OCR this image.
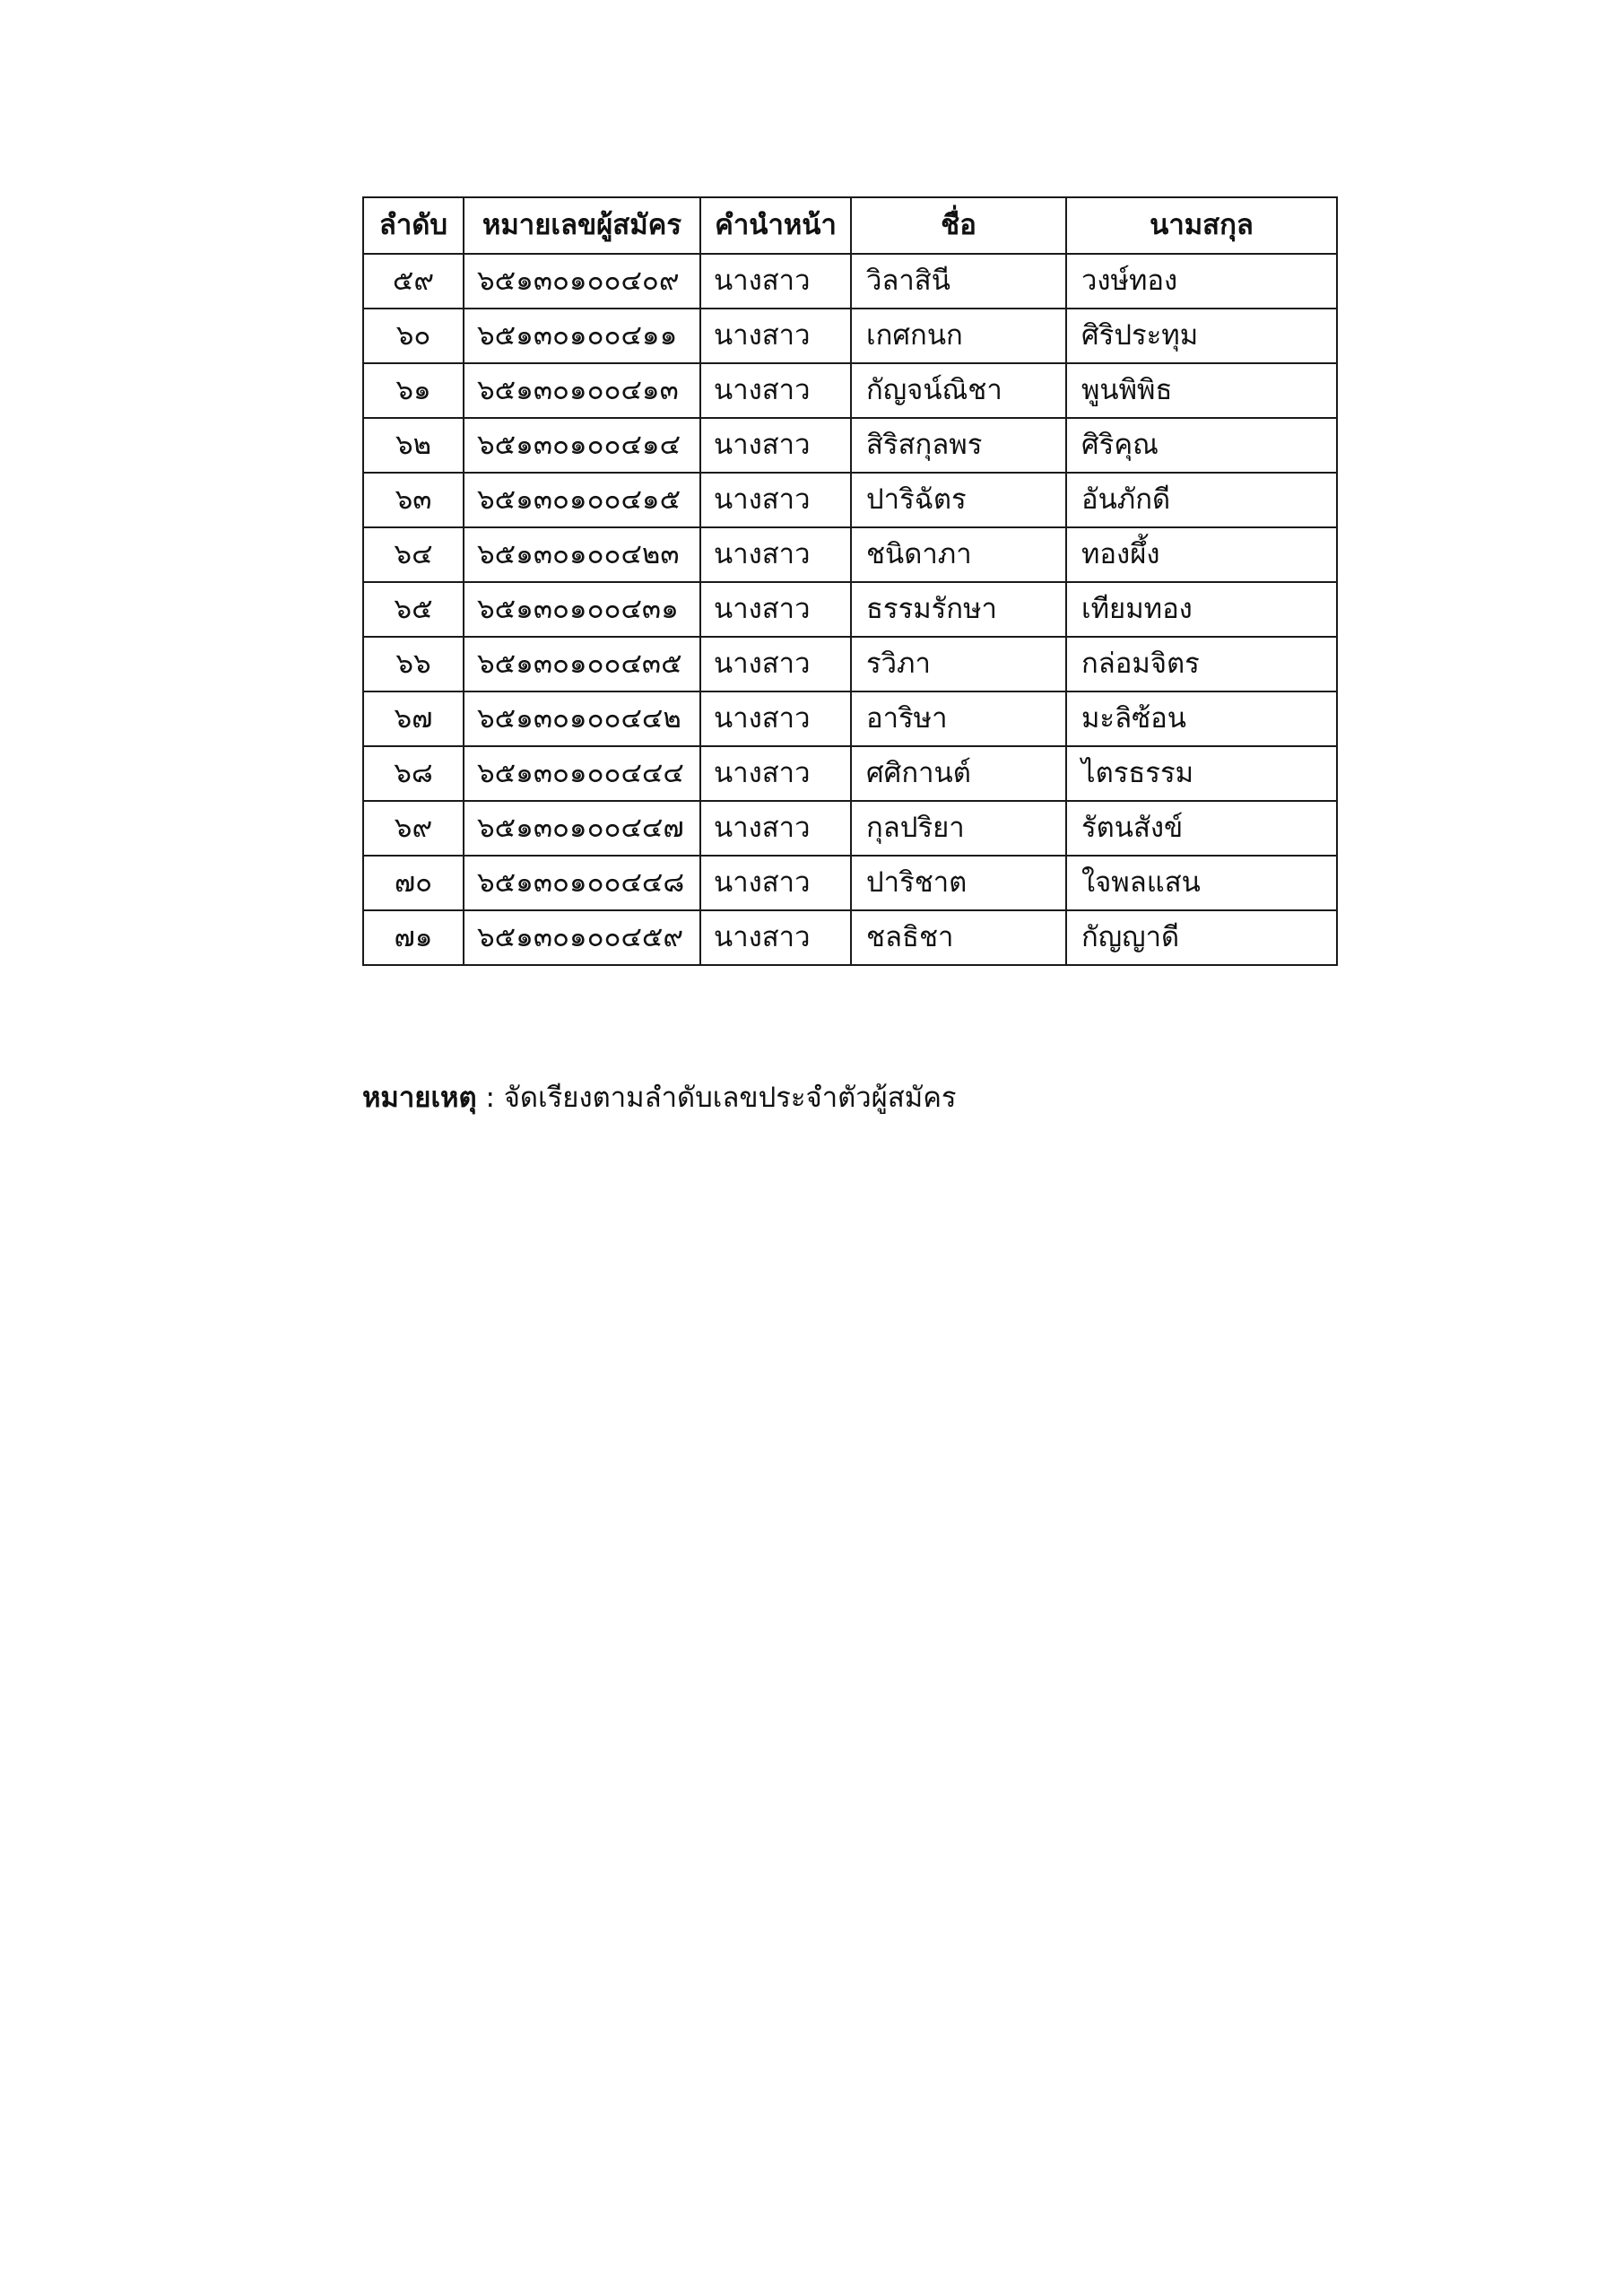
ลำดับ	หมายเลขผู้สมัคร	คำนำหน้า	ชื่อ	นามสกุล
๕๙	๖๕๑๓๐๑๐๐๔๐๙	นางสาว	วิลาสินี	วงษ์ทอง
๖๐	๖๕๑๓๐๑๐๐๔๑๑	นางสาว	เกศกนก	ศิริประทุม
๖๑	๖๕๑๓๐๑๐๐๔๑๓	นางสาว	กัญจน์ณิชา	พูนพิพิธ
๖๒	๖๕๑๓๐๑๐๐๔๑๔	นางสาว	สิริสกุลพร	ศิริคุณ
๖๓	๖๕๑๓๐๑๐๐๔๑๕	นางสาว	ปาริฉัตร	อันภักดี
๖๔	๖๕๑๓๐๑๐๐๔๒๓	นางสาว	ชนิดาภา	ทองผึ้ง
๖๕	๖๕๑๓๐๑๐๐๔๓๑	นางสาว	ธรรมรักษา	เทียมทอง
๖๖	๖๕๑๓๐๑๐๐๔๓๕	นางสาว	รวิภา	กล่อมจิตร
๖๗	๖๕๑๓๐๑๐๐๔๔๒	นางสาว	อาริษา	มะลิซ้อน
๖๘	๖๕๑๓๐๑๐๐๔๔๔	นางสาว	ศศิกานต์	ไตรธรรม
๖๙	๖๕๑๓๐๑๐๐๔๔๗	นางสาว	กุลปริยา	รัตนสังข์
๗๐	๖๕๑๓๐๑๐๐๔๔๘	นางสาว	ปาริชาต	ใจพลแสน
๗๑	๖๕๑๓๐๑๐๐๔๕๙	นางสาว	ชลธิชา	กัญญาดี
หมายเหตุ : จัดเรียงตามลำดับเลขประจำตัวผู้สมัคร
